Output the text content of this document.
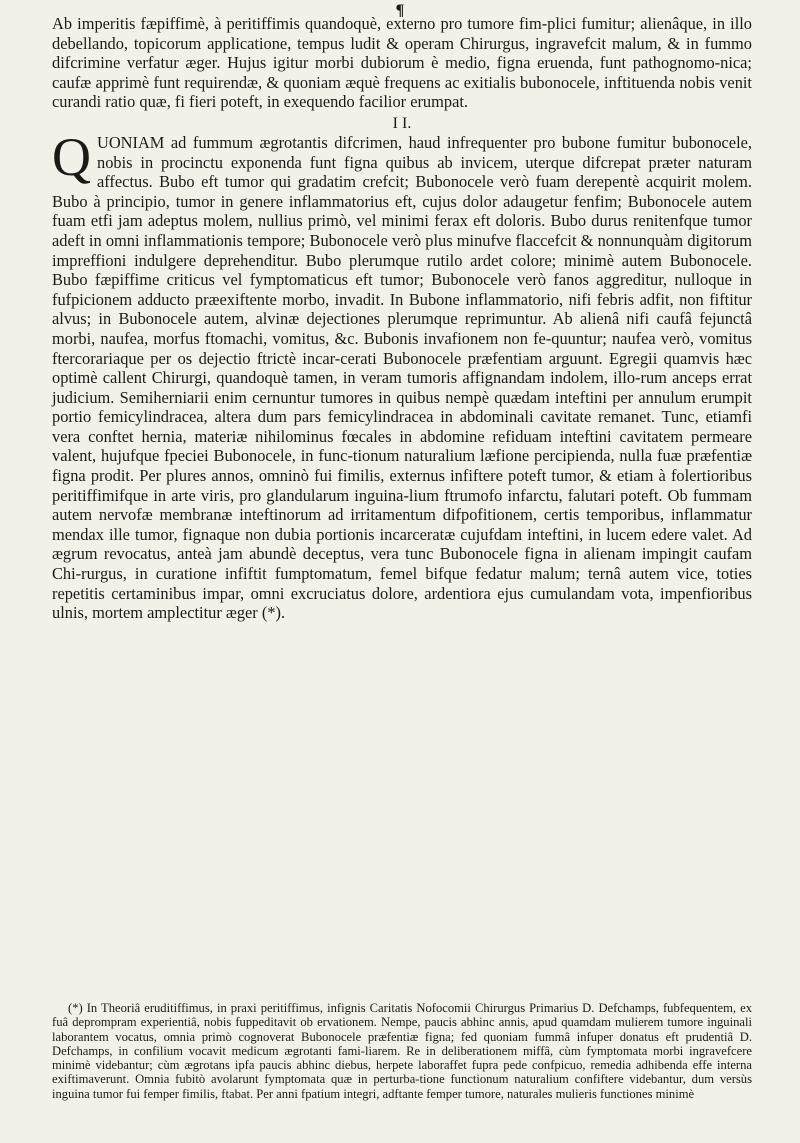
¶

Ab imperitis fæpiffimè, à peritiffimis quandoquè, externo pro tumore fim-plici fumitur; alienâque, in illo debellando, topicorum applicatione, tempus ludit & operam Chirurgus, ingravefcit malum, & in fummo difcrimine verfatur æger. Hujus igitur morbi dubiorum è medio, figna eruenda, funt pathognomo-nica; caufæ apprimè funt requirendæ, & quoniam æquè frequens ac exitialis bubonocele, inftituenda nobis venit curandi ratio quæ, fi fieri poteft, in exequendo facilior erumpat.

I I.

QUONIAM ad fummum ægrotantis difcrimen, haud infrequenter pro bubone fumitur bubonocele, nobis in procinctu exponenda funt figna quibus ab invicem, uterque difcrepat præter naturam affectus. Bubo eft tumor qui gradatim crefcit; Bubonocele verò fuam derepentè acquirit molem. Bubo à principio, tumor in genere inflammatorius eft, cujus dolor adaugetur fenfim; Bubonocele autem fuam etfi jam adeptus molem, nullius primò, vel minimi ferax eft doloris. Bubo durus renitenfque tumor adeft in omni inflammationis tempore; Bubonocele verò plus minufve flaccefcit & nonnunquàm digitorum impreffioni indulgere deprehenditur. Bubo plerumque rutilo ardet colore; minimè autem Bubonocele. Bubo fæpiffime criticus vel fymptomaticus eft tumor; Bubonocele verò fanos aggreditur, nulloque in fufpicionem adducto præexiftente morbo, invadit. In Bubone inflammatorio, nifi febris adfit, non fiftitur alvus; in Bubonocele autem, alvinæ dejectiones plerumque reprimuntur. Ab alienâ nifi caufâ fejunctâ morbi, naufea, morfus ftomachi, vomitus, &c. Bubonis invafionem non fe-quuntur; naufea verò, vomitus ftercorariaque per os dejectio ftrictè incar-cerati Bubonocele præfentiam arguunt. Egregii quamvis hæc optimè callent Chirurgi, quandoquè tamen, in veram tumoris affignandam indolem, illo-rum anceps errat judicium. Semiherniarii enim cernuntur tumores in quibus nempè quædam inteftini per annulum erumpit portio femicylindracea, altera dum pars femicylindracea in abdominali cavitate remanet. Tunc, etiamfi vera conftet hernia, materiæ nihilominus fœcales in abdomine refiduam inteftini cavitatem permeare valent, hujufque fpeciei Bubonocele, in func-tionum naturalium læfione percipienda, nulla fuæ præfentiæ figna prodit. Per plures annos, omninò fui fimilis, externus infiftere poteft tumor, & etiam à folertioribus peritiffimifque in arte viris, pro glandularum inguina-lium ftrumofo infarctu, falutari poteft. Ob fummam autem nervofæ membranæ inteftinorum ad irritamentum difpofitionem, certis temporibus, inflammatur mendax ille tumor, fignaque non dubia portionis incarceratæ cujufdam inteftini, in lucem edere valet. Ad ægrum revocatus, anteà jam abundè deceptus, vera tunc Bubonocele figna in alienam impingit caufam Chi-rurgus, in curatione infiftit fumptomatum, femel bifque fedatur malum; ternâ autem vice, toties repetitis certaminibus impar, omni excruciatus dolore, ardentiora ejus cumulandam vota, impenfioribus ulnis, mortem amplectitur æger (*).

(*) In Theoriâ eruditiffimus, in praxi peritiffimus, infignis Caritatis Nofocomii Chirurgus Primarius D. Defchamps, fubfequentem, ex fuâ deprompram experientiâ, nobis fuppeditavit ob ervationem. Nempe, paucis abhinc annis, apud quamdam mulierem tumore inguinali laborantem vocatus, omnia primò cognoverat Bubonocele præfentiæ figna; fed quoniam fummâ infuper donatus eft prudentiâ D. Defchamps, in confilium vocavit medicum ægrotanti fami-liarem. Re in deliberationem miffâ, cùm fymptomata morbi ingravefcere minimè videbantur; cùm ægrotans ipfa paucis abhinc diebus, herpete laboraffet fupra pede confpicuo, remedia adhibenda effe interna exiftimaverunt. Omnia fubitò avolarunt fymptomata quæ in perturba-tione functionum naturalium confiftere videbantur, dum versùs inguina tumor fui femper fimilis, ftabat. Per anni fpatium integri, adftante femper tumore, naturales mulieris functiones minimè
